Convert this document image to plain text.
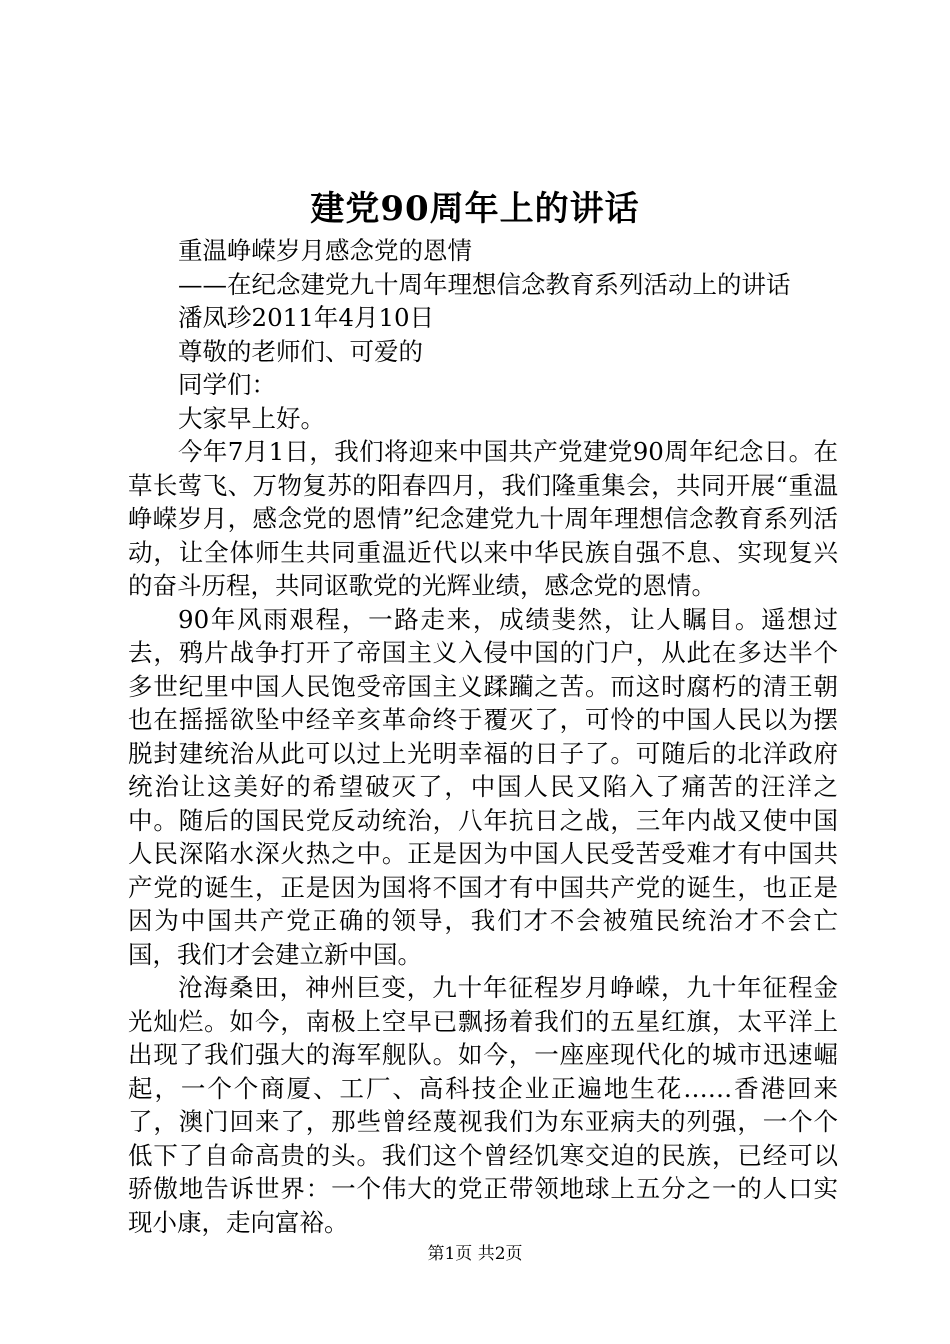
建党90周年上的讲话

重温峥嵘岁月感念党的恩情

——在纪念建党九十周年理想信念教育系列活动上的讲话

潘凤珍2011年4月10日

尊敬的老师们、可爱的

同学们：

大家早上好。

今年7月1日，我们将迎来中国共产党建党90周年纪念日。在草长莺飞、万物复苏的阳春四月，我们隆重集会，共同开展“重温峥嵘岁月，感念党的恩情”纪念建党九十周年理想信念教育系列活动，让全体师生共同重温近代以来中华民族自强不息、实现复兴的奋斗历程，共同讴歌党的光辉业绩，感念党的恩情。

90年风雨艰程，一路走来，成绩斐然，让人瞩目。遥想过去，鸦片战争打开了帝国主义入侵中国的门户，从此在多达半个多世纪里中国人民饱受帝国主义蹂躏之苦。而这时腐朽的清王朝也在摇摇欲坠中经辛亥革命终于覆灭了，可怜的中国人民以为摆脱封建统治从此可以过上光明幸福的日子了。可随后的北洋政府统治让这美好的希望破灭了，中国人民又陷入了痛苦的汪洋之中。随后的国民党反动统治，八年抗日之战，三年内战又使中国人民深陷水深火热之中。正是因为中国人民受苦受难才有中国共产党的诞生，正是因为国将不国才有中国共产党的诞生，也正是因为中国共产党正确的领导，我们才不会被殖民统治才不会亡国，我们才会建立新中国。

沧海桑田，神州巨变，九十年征程岁月峥嵘，九十年征程金光灿烂。如今，南极上空早已飘扬着我们的五星红旗，太平洋上出现了我们强大的海军舰队。如今，一座座现代化的城市迅速崛起，一个个商厦、工厂、高科技企业正遍地生花……香港回来了，澳门回来了，那些曾经蔑视我们为东亚病夫的列强，一个个低下了自命高贵的头。我们这个曾经饥寒交迫的民族，已经可以骄傲地告诉世界：一个伟大的党正带领地球上五分之一的人口实现小康，走向富裕。

第1页 共2页
